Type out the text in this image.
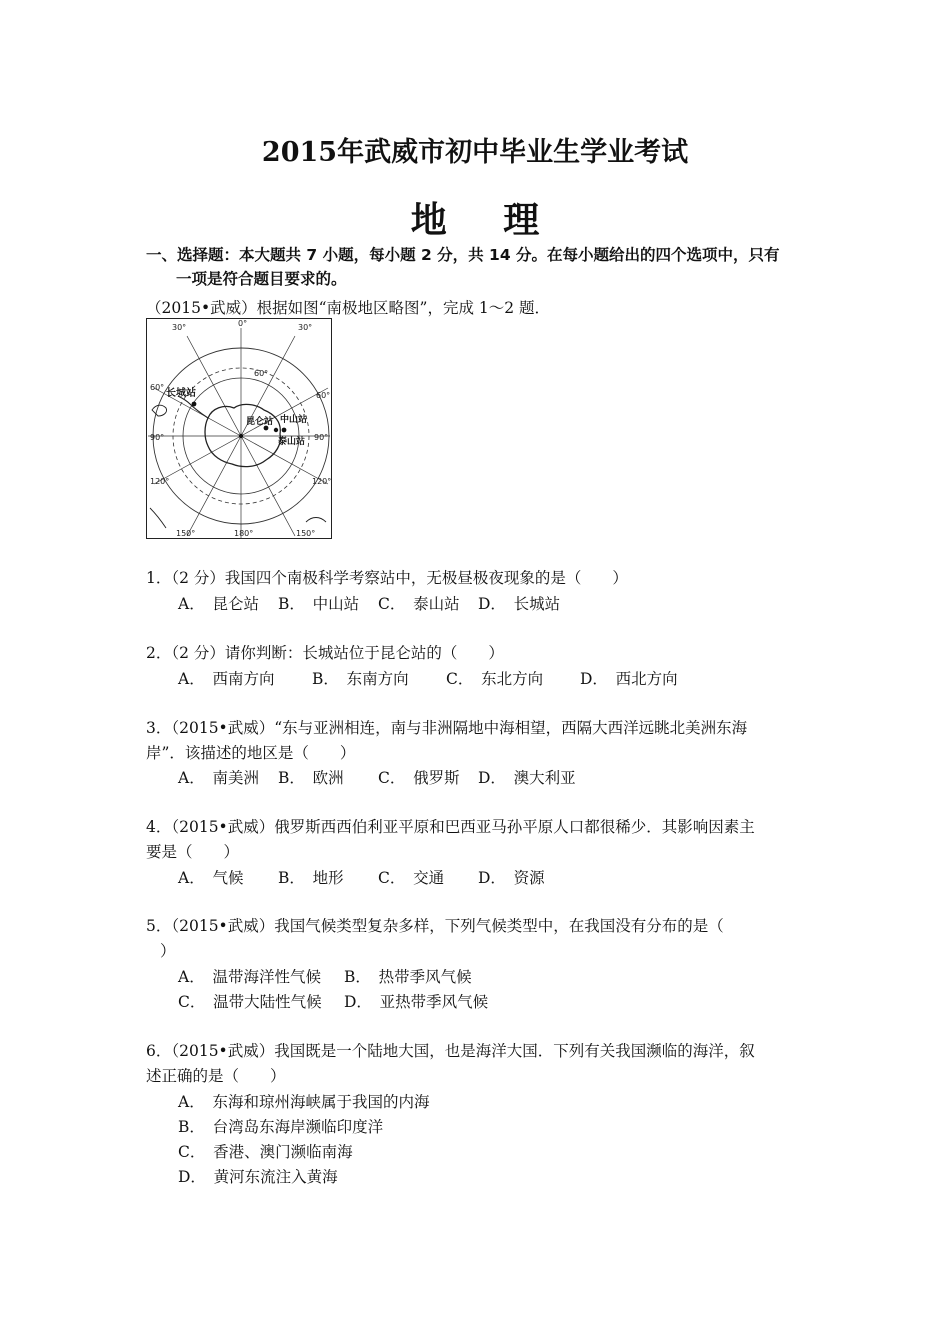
2015年武威市初中毕业生学业考试
地 理
一、选择题：本大题共 7 小题，每小题 2 分，共 14 分。在每小题给出的四个选项中，只有

一项是符合题目要求的。
（2015•武威）根据如图“南极地区略图”，完成 1～2 题．
0°
30°	30°
60°
60°
60°
90°	90°
120°	120°
150°	150°
180°
长城站
昆仑站 中山站
泰山站
1．（2 分）我国四个南极科学考察站中，无极昼极夜现象的是（　　）
A．　昆仑站 B．　中山站 C．　泰山站 D．　长城站
2．（2 分）请你判断：长城站位于昆仑站的（　　）
A．　西南方向 B．　东南方向 C．　东北方向 D．　西北方向
3．（2015•武威）“东与亚洲相连，南与非洲隔地中海相望，西隔大西洋远眺北美洲东海
岸”．该描述的地区是（　　）
A．　南美洲 B．　欧洲 C．　俄罗斯 D．　澳大利亚
4．（2015•武威）俄罗斯西西伯利亚平原和巴西亚马孙平原人口都很稀少．其影响因素主
要是（　　）
A．　气候 B．　地形 C．　交通 D．　资源
5．（2015•武威）我国气候类型复杂多样，下列气候类型中，在我国没有分布的是（
）
A．　温带海洋性气候 B．　热带季风气候
C．　温带大陆性气候 D．　亚热带季风气候
6．（2015•武威）我国既是一个陆地大国，也是海洋大国．下列有关我国濒临的海洋，叙
述正确的是（　　）
A．　东海和琼州海峡属于我国的内海
B．　台湾岛东海岸濒临印度洋
C．　香港、澳门濒临南海
D．　黄河东流注入黄海
